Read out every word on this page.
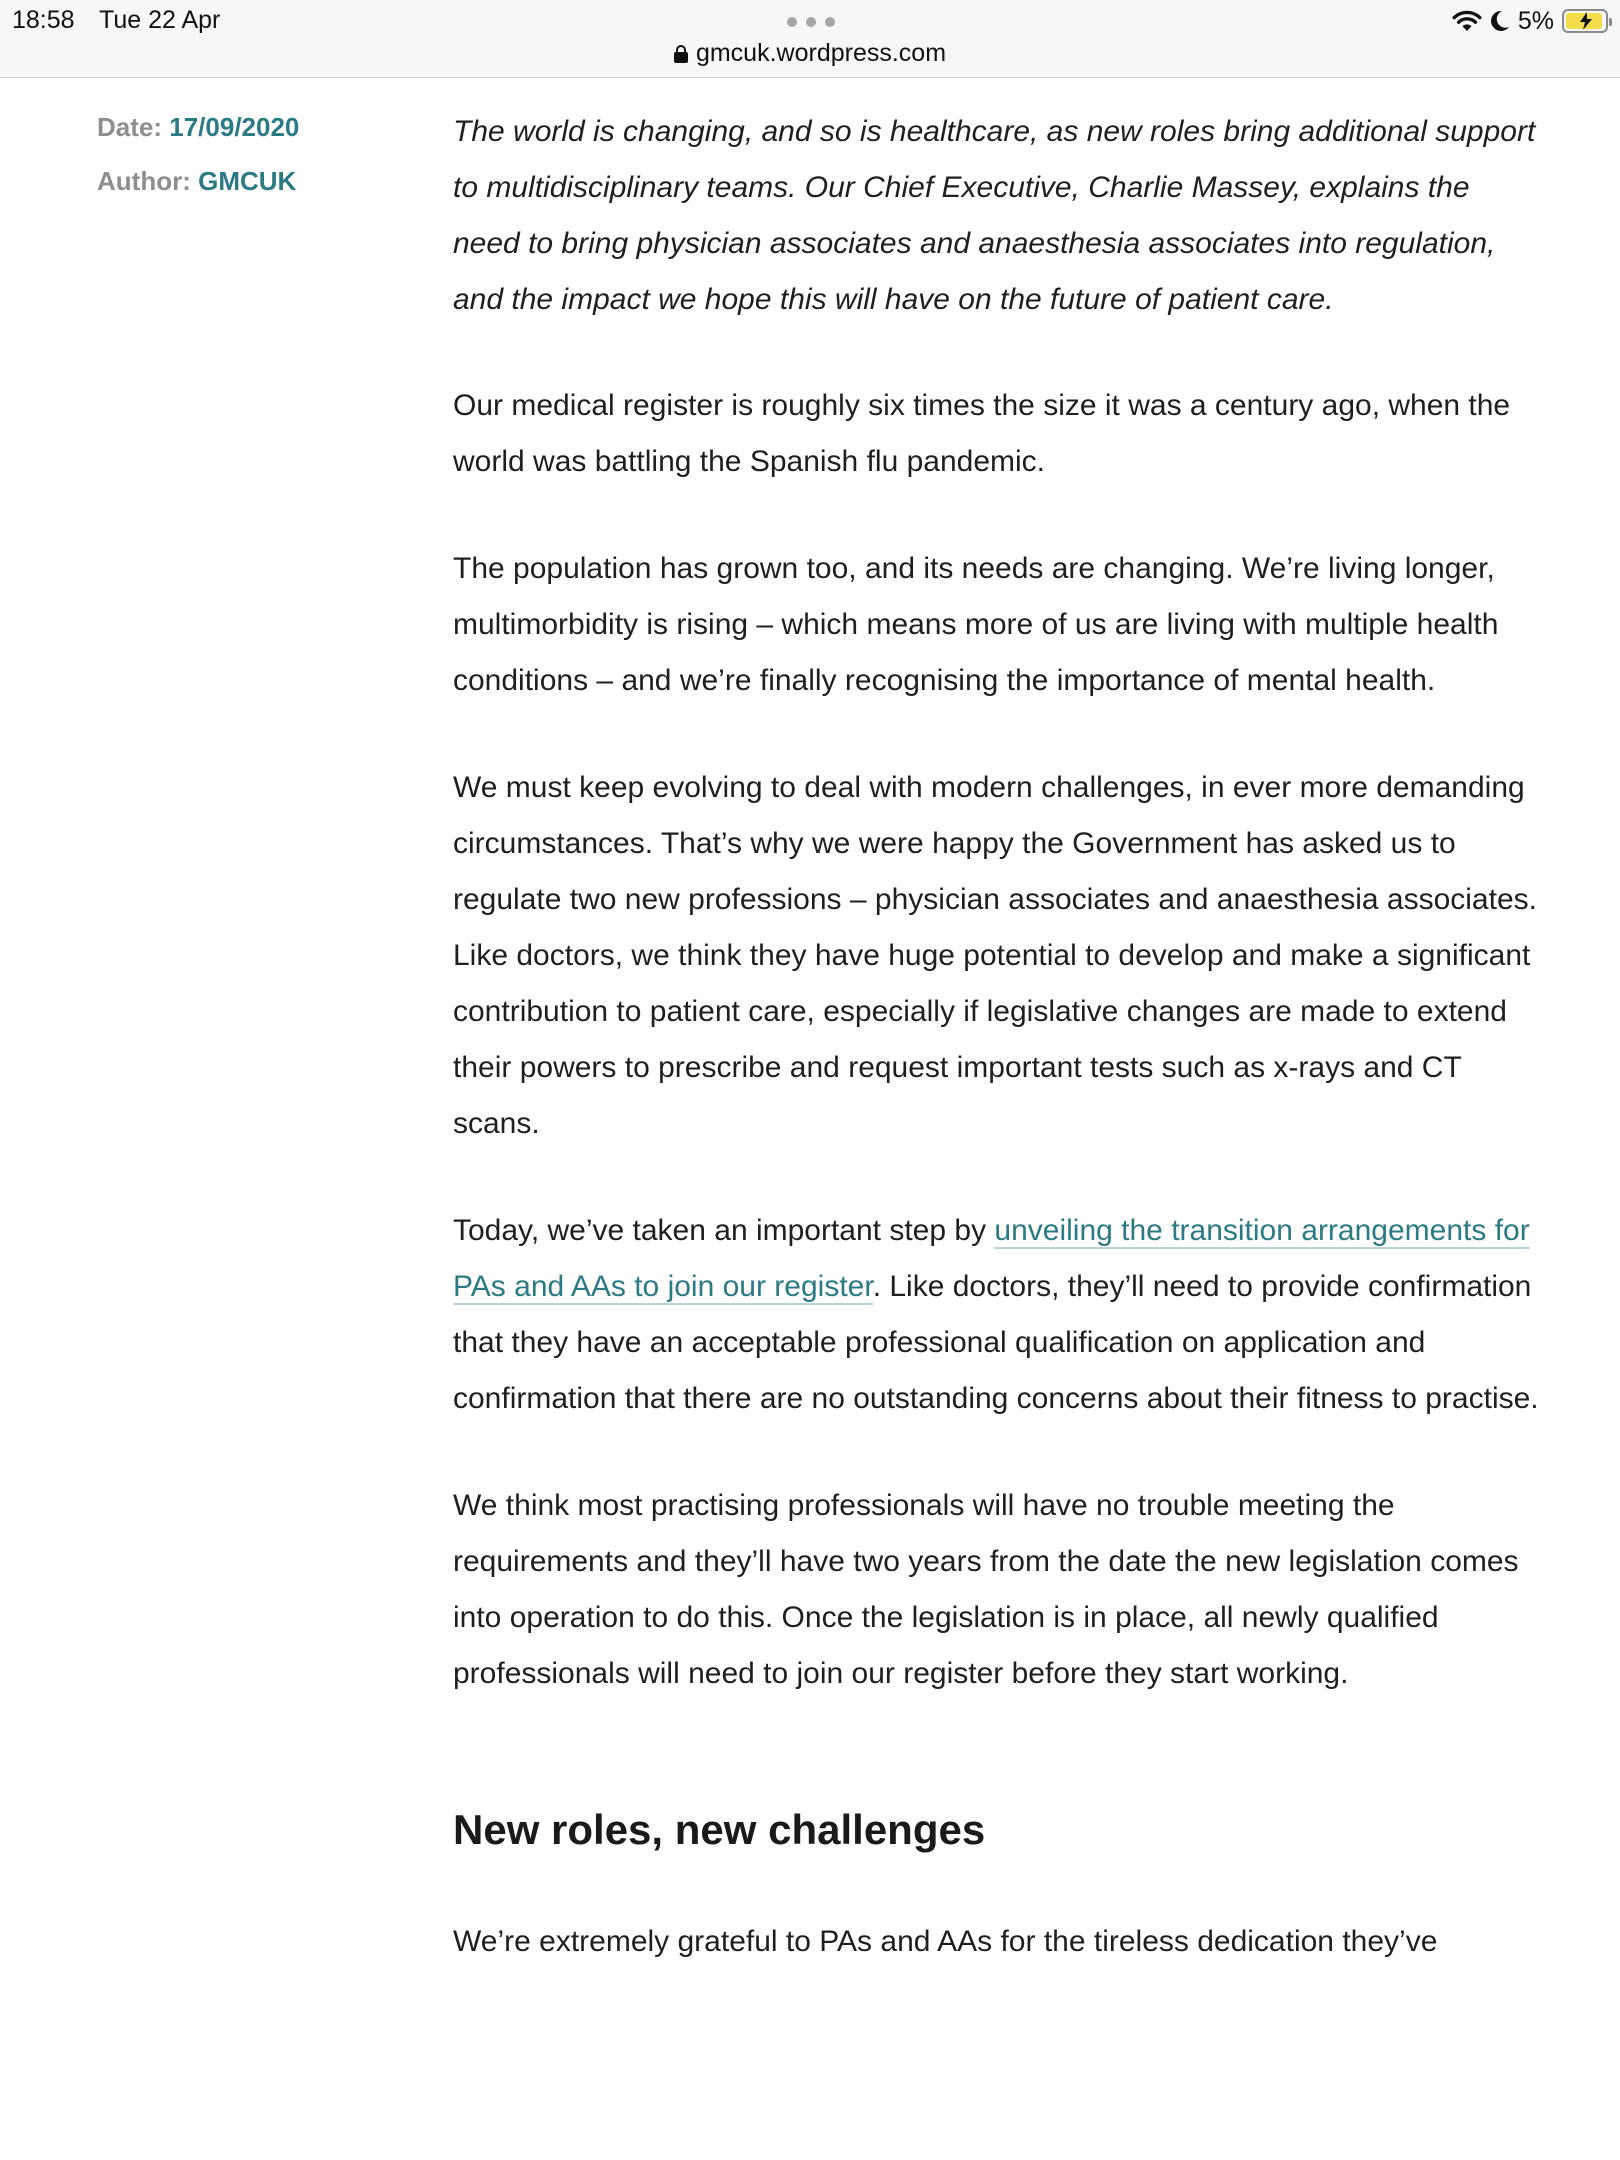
18:58 Tue 22 Apr
gmcuk.wordpress.com
5%
Date: 17/09/2020
Author: GMCUK

The world is changing, and so is healthcare, as new roles bring additional support to multidisciplinary teams. Our Chief Executive, Charlie Massey, explains the need to bring physician associates and anaesthesia associates into regulation, and the impact we hope this will have on the future of patient care.

Our medical register is roughly six times the size it was a century ago, when the world was battling the Spanish flu pandemic.

The population has grown too, and its needs are changing. We’re living longer, multimorbidity is rising – which means more of us are living with multiple health conditions – and we’re finally recognising the importance of mental health.

We must keep evolving to deal with modern challenges, in ever more demanding circumstances. That’s why we were happy the Government has asked us to regulate two new professions – physician associates and anaesthesia associates. Like doctors, we think they have huge potential to develop and make a significant contribution to patient care, especially if legislative changes are made to extend their powers to prescribe and request important tests such as x-rays and CT scans.

Today, we’ve taken an important step by unveiling the transition arrangements for PAs and AAs to join our register. Like doctors, they’ll need to provide confirmation that they have an acceptable professional qualification on application and confirmation that there are no outstanding concerns about their fitness to practise.

We think most practising professionals will have no trouble meeting the requirements and they’ll have two years from the date the new legislation comes into operation to do this. Once the legislation is in place, all newly qualified professionals will need to join our register before they start working.

New roles, new challenges

We’re extremely grateful to PAs and AAs for the tireless dedication they’ve
